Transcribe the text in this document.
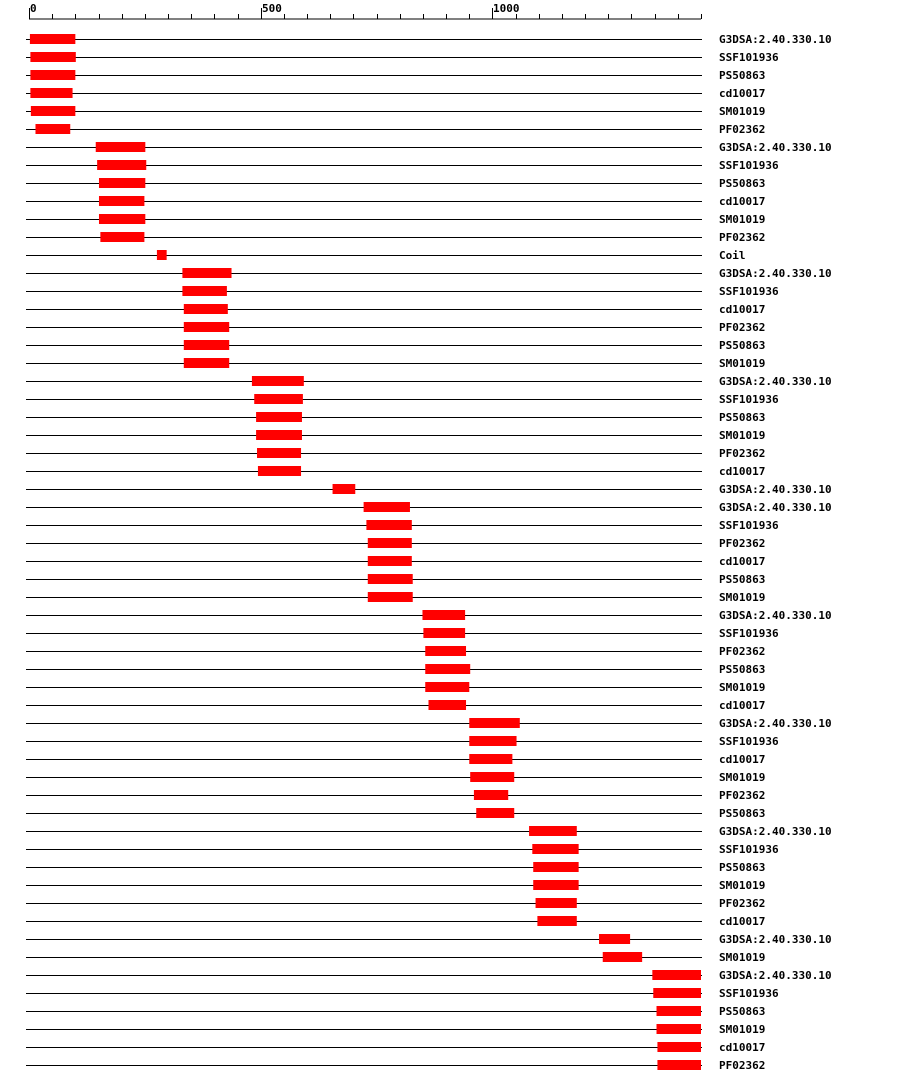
0	500	1000
G3DSA:2.40.330.10
SSF101936
PS50863
cd10017
SM01019
PF02362
G3DSA:2.40.330.10
SSF101936
PS50863
cd10017
SM01019
PF02362
Coil
G3DSA:2.40.330.10
SSF101936
cd10017
PF02362
PS50863
SM01019
G3DSA:2.40.330.10
SSF101936
PS50863
SM01019
PF02362
cd10017
G3DSA:2.40.330.10
G3DSA:2.40.330.10
SSF101936
PF02362
cd10017
PS50863
SM01019
G3DSA:2.40.330.10
SSF101936
PF02362
PS50863
SM01019
cd10017
G3DSA:2.40.330.10
SSF101936
cd10017
SM01019
PF02362
PS50863
G3DSA:2.40.330.10
SSF101936
PS50863
SM01019
PF02362
cd10017
G3DSA:2.40.330.10
SM01019
G3DSA:2.40.330.10
SSF101936
PS50863
SM01019
cd10017
PF02362
